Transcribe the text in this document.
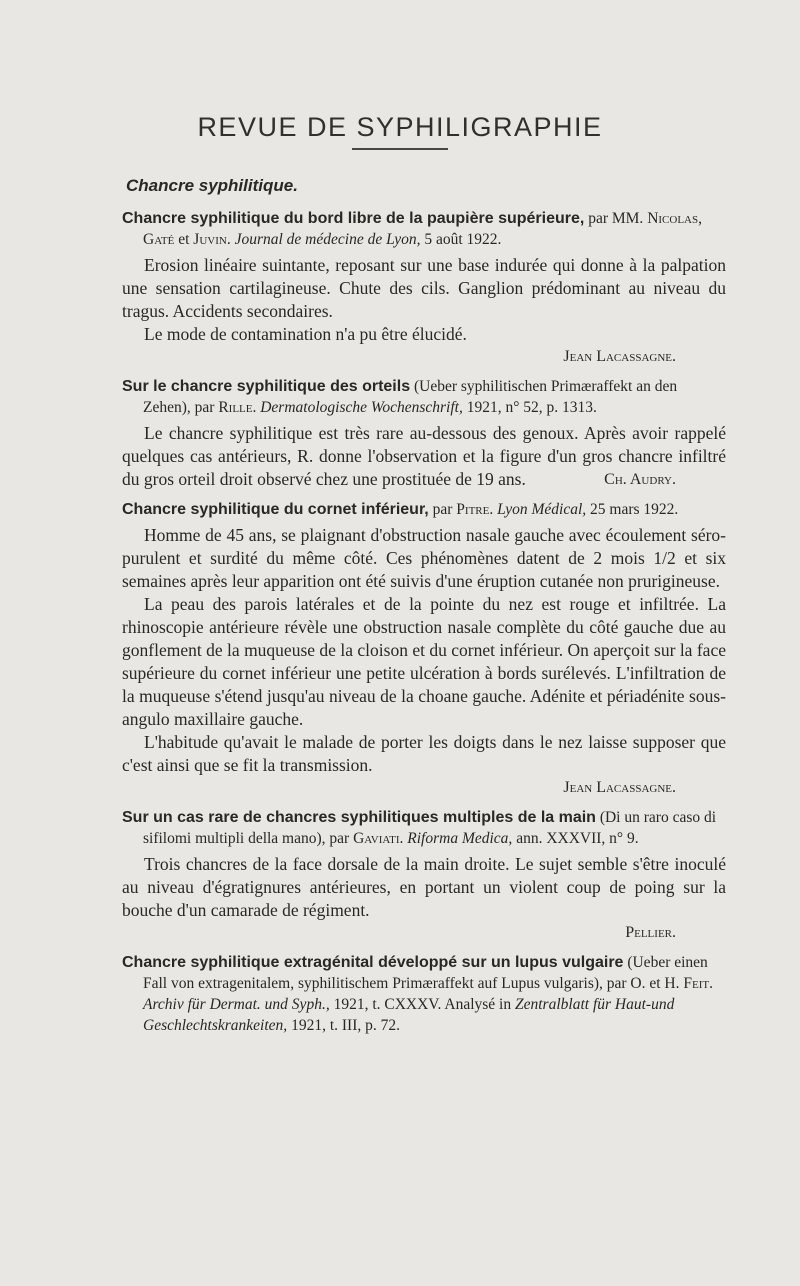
REVUE DE SYPHILIGRAPHIE
Chancre syphilitique.

Chancre syphilitique du bord libre de la paupière supérieure, par MM. Nicolas, Gaté et Juvin. Journal de médecine de Lyon, 5 août 1922.

Erosion linéaire suintante, reposant sur une base indurée qui donne à la palpation une sensation cartilagineuse. Chute des cils. Ganglion prédominant au niveau du tragus. Accidents secondaires.

Le mode de contamination n'a pu être élucidé.

Jean Lacassagne.

Sur le chancre syphilitique des orteils (Ueber syphilitischen Primæraffekt an den Zehen), par Rille. Dermatologische Wochenschrift, 1921, n° 52, p. 1313.

Le chancre syphilitique est très rare au-dessous des genoux. Après avoir rappelé quelques cas antérieurs, R. donne l'observation et la figure d'un gros chancre infiltré du gros orteil droit observé chez une prostituée de 19 ans.	Ch. Audry.

Chancre syphilitique du cornet inférieur, par Pitre. Lyon Médical, 25 mars 1922.

Homme de 45 ans, se plaignant d'obstruction nasale gauche avec écoulement séro-purulent et surdité du même côté. Ces phénomènes datent de 2 mois 1/2 et six semaines après leur apparition ont été suivis d'une éruption cutanée non prurigineuse.

La peau des parois latérales et de la pointe du nez est rouge et infiltrée. La rhinoscopie antérieure révèle une obstruction nasale complète du côté gauche due au gonflement de la muqueuse de la cloison et du cornet inférieur. On aperçoit sur la face supérieure du cornet inférieur une petite ulcération à bords surélevés. L'infiltration de la muqueuse s'étend jusqu'au niveau de la choane gauche. Adénite et périadénite sous-angulo maxillaire gauche.

L'habitude qu'avait le malade de porter les doigts dans le nez laisse supposer que c'est ainsi que se fit la transmission.

Jean Lacassagne.

Sur un cas rare de chancres syphilitiques multiples de la main (Di un raro caso di sifilomi multipli della mano), par Gaviati. Riforma Medica, ann. XXXVII, n° 9.

Trois chancres de la face dorsale de la main droite. Le sujet semble s'être inoculé au niveau d'égratignures antérieures, en portant un violent coup de poing sur la bouche d'un camarade de régiment.

Pellier.

Chancre syphilitique extragénital développé sur un lupus vulgaire (Ueber einen Fall von extragenitalem, syphilitischem Primæraffekt auf Lupus vulgaris), par O. et H. Feit. Archiv für Dermat. und Syph., 1921, t. CXXXV. Analysé in Zentralblatt für Haut-und Geschlechtskrankeiten, 1921, t. III, p. 72.
